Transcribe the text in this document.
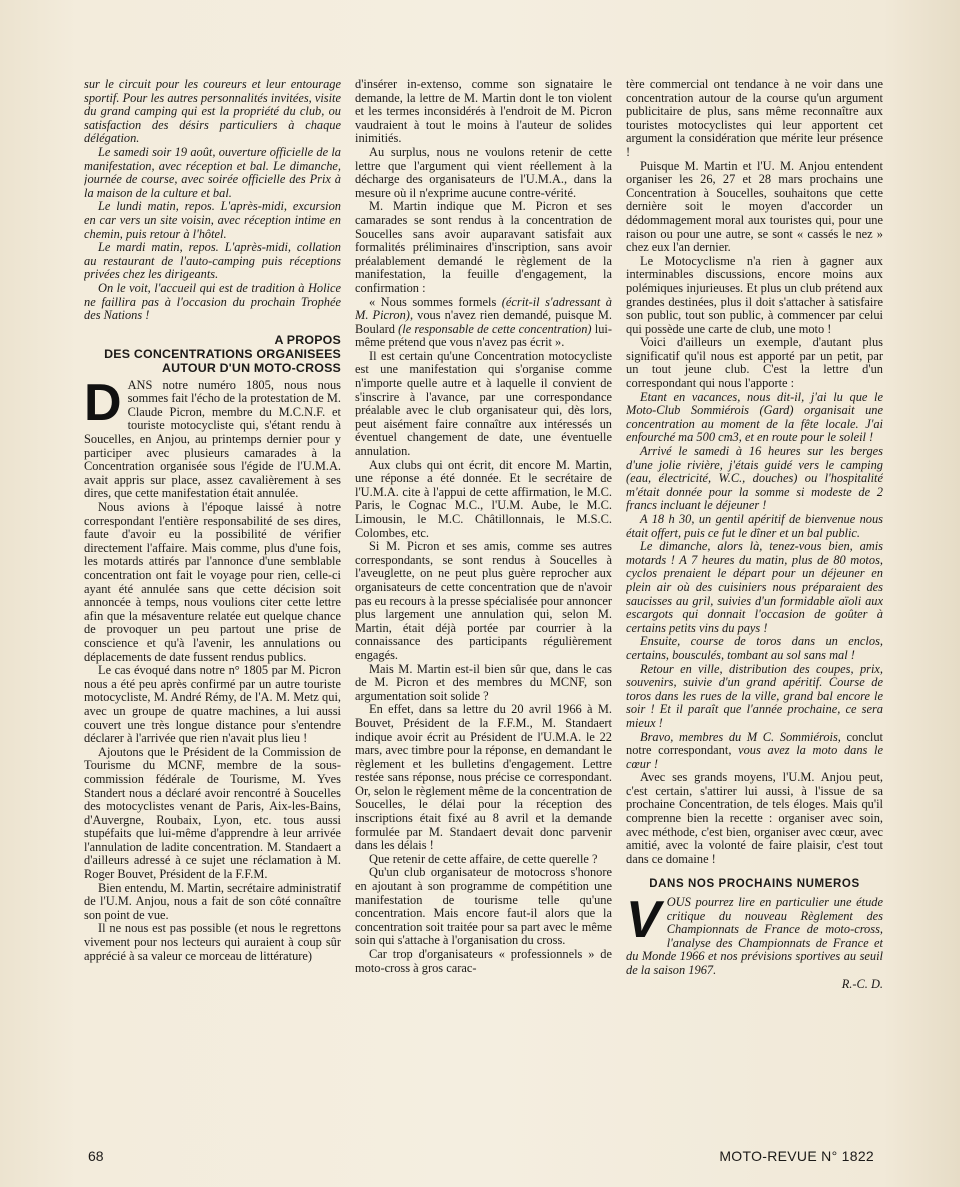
sur le circuit pour les coureurs et leur entourage sportif. Pour les autres personnalités invitées, visite du grand camping qui est la propriété du club, ou satisfaction des désirs particuliers à chaque délégation.

Le samedi soir 19 août, ouverture officielle de la manifestation, avec réception et bal. Le dimanche, journée de course, avec soirée officielle des Prix à la maison de la culture et bal.

Le lundi matin, repos. L'après-midi, excursion en car vers un site voisin, avec réception intime en chemin, puis retour à l'hôtel.

Le mardi matin, repos. L'après-midi, collation au restaurant de l'auto-camping puis réceptions privées chez les dirigeants.

On le voit, l'accueil qui est de tradition à Holice ne faillira pas à l'occasion du prochain Trophée des Nations !

A PROPOS
DES CONCENTRATIONS ORGANISEES
AUTOUR D'UN MOTO-CROSS

DANS notre numéro 1805, nous nous sommes fait l'écho de la protestation de M. Claude Picron, membre du M.C.N.F. et touriste motocycliste qui, s'étant rendu à Soucelles, en Anjou, au printemps dernier pour y participer avec plusieurs camarades à la Concentration organisée sous l'égide de l'U.M.A. avait appris sur place, assez cavalièrement à ses dires, que cette manifestation était annulée.

Nous avions à l'époque laissé à notre correspondant l'entière responsabilité de ses dires, faute d'avoir eu la possibilité de vérifier directement l'affaire. Mais comme, plus d'une fois, les motards attirés par l'annonce d'une semblable concentration ont fait le voyage pour rien, celle-ci ayant été annulée sans que cette décision soit annoncée à temps, nous voulions citer cette lettre afin que la mésaventure relatée eut quelque chance de provoquer un peu partout une prise de conscience et qu'à l'avenir, les annulations ou déplacements de date fussent rendus publics.

Le cas évoqué dans notre n° 1805 par M. Picron nous a été peu après confirmé par un autre touriste motocycliste, M. André Rémy, de l'A. M. Metz qui, avec un groupe de quatre machines, a lui aussi couvert une très longue distance pour s'entendre déclarer à l'arrivée que rien n'avait plus lieu !

Ajoutons que le Président de la Commission de Tourisme du MCNF, membre de la sous-commission fédérale de Tourisme, M. Yves Standert nous a déclaré avoir rencontré à Soucelles des motocyclistes venant de Paris, Aix-les-Bains, d'Auvergne, Roubaix, Lyon, etc. tous aussi stupéfaits que lui-même d'apprendre à leur arrivée l'annulation de ladite concentration. M. Standaert a d'ailleurs adressé à ce sujet une réclamation à M. Roger Bouvet, Président de la F.F.M.

Bien entendu, M. Martin, secrétaire administratif de l'U.M. Anjou, nous a fait de son côté connaître son point de vue.

Il ne nous est pas possible (et nous le regrettons vivement pour nos lecteurs qui auraient à coup sûr apprécié à sa valeur ce morceau de littérature)

d'insérer in-extenso, comme son signataire le demande, la lettre de M. Martin dont le ton violent et les termes inconsidérés à l'endroit de M. Picron vaudraient à tout le moins à l'auteur de solides inimitiés.

Au surplus, nous ne voulons retenir de cette lettre que l'argument qui vient réellement à la décharge des organisateurs de l'U.M.A., dans la mesure où il n'exprime aucune contre-vérité.

M. Martin indique que M. Picron et ses camarades se sont rendus à la concentration de Soucelles sans avoir auparavant satisfait aux formalités préliminaires d'inscription, sans avoir préalablement demandé le règlement de la manifestation, la feuille d'engagement, la confirmation :

« Nous sommes formels (écrit-il s'adressant à M. Picron), vous n'avez rien demandé, puisque M. Boulard (le responsable de cette concentration) lui-même prétend que vous n'avez pas écrit ».

Il est certain qu'une Concentration motocycliste est une manifestation qui s'organise comme n'importe quelle autre et à laquelle il convient de s'inscrire à l'avance, par une correspondance préalable avec le club organisateur qui, dès lors, peut aisément faire connaître aux intéressés un éventuel changement de date, une éventuelle annulation.

Aux clubs qui ont écrit, dit encore M. Martin, une réponse a été donnée. Et le secrétaire de l'U.M.A. cite à l'appui de cette affirmation, le M.C. Paris, le Cognac M.C., l'U.M. Aube, le M.C. Limousin, le M.C. Châtillonnais, le M.S.C. Colombes, etc.

Si M. Picron et ses amis, comme ses autres correspondants, se sont rendus à Soucelles à l'aveuglette, on ne peut plus guère reprocher aux organisateurs de cette concentration que de n'avoir pas eu recours à la presse spécialisée pour annoncer plus largement une annulation qui, selon M. Martin, était déjà portée par courrier à la connaissance des participants régulièrement engagés.

Mais M. Martin est-il bien sûr que, dans le cas de M. Picron et des membres du MCNF, son argumentation soit solide ?

En effet, dans sa lettre du 20 avril 1966 à M. Bouvet, Président de la F.F.M., M. Standaert indique avoir écrit au Président de l'U.M.A. le 22 mars, avec timbre pour la réponse, en demandant le règlement et les bulletins d'engagement. Lettre restée sans réponse, nous précise ce correspondant. Or, selon le règlement même de la concentration de Soucelles, le délai pour la réception des inscriptions était fixé au 8 avril et la demande formulée par M. Standaert devait donc parvenir dans les délais !

Que retenir de cette affaire, de cette querelle ?

Qu'un club organisateur de motocross s'honore en ajoutant à son programme de compétition une manifestation de tourisme telle qu'une concentration. Mais encore faut-il alors que la concentration soit traitée pour sa part avec le même soin qui s'attache à l'organisation du cross.

Car trop d'organisateurs « professionnels » de moto-cross à gros carac-

tère commercial ont tendance à ne voir dans une concentration autour de la course qu'un argument publicitaire de plus, sans même reconnaître aux touristes motocyclistes qui leur apportent cet argument la considération que mérite leur présence !

Puisque M. Martin et l'U. M. Anjou entendent organiser les 26, 27 et 28 mars prochains une Concentration à Soucelles, souhaitons que cette dernière soit le moyen d'accorder un dédommagement moral aux touristes qui, pour une raison ou pour une autre, se sont « cassés le nez » chez eux l'an dernier.

Le Motocyclisme n'a rien à gagner aux interminables discussions, encore moins aux polémiques injurieuses. Et plus un club prétend aux grandes destinées, plus il doit s'attacher à satisfaire son public, tout son public, à commencer par celui qui possède une carte de club, une moto !

Voici d'ailleurs un exemple, d'autant plus significatif qu'il nous est apporté par un petit, par un tout jeune club. C'est la lettre d'un correspondant qui nous l'apporte :

Etant en vacances, nous dit-il, j'ai lu que le Moto-Club Sommiérois (Gard) organisait une concentration au moment de la fête locale. J'ai enfourché ma 500 cm3, et en route pour le soleil !

Arrivé le samedi à 16 heures sur les berges d'une jolie rivière, j'étais guidé vers le camping (eau, électricité, W.C., douches) ou l'hospitalité m'était donnée pour la somme si modeste de 2 francs incluant le déjeuner !

A 18 h 30, un gentil apéritif de bienvenue nous était offert, puis ce fut le dîner et un bal public.

Le dimanche, alors là, tenez-vous bien, amis motards ! A 7 heures du matin, plus de 80 motos, cyclos prenaient le départ pour un déjeuner en plein air où des cuisiniers nous préparaient des saucisses au gril, suivies d'un formidable aïoli aux escargots qui donnait l'occasion de goûter à certains petits vins du pays !

Ensuite, course de toros dans un enclos, certains, bousculés, tombant au sol sans mal !

Retour en ville, distribution des coupes, prix, souvenirs, suivie d'un grand apéritif. Course de toros dans les rues de la ville, grand bal encore le soir ! Et il paraît que l'année prochaine, ce sera mieux !

Bravo, membres du M C. Sommiérois, conclut notre correspondant, vous avez la moto dans le cœur !

Avec ses grands moyens, l'U.M. Anjou peut, c'est certain, s'attirer lui aussi, à l'issue de sa prochaine Concentration, de tels éloges. Mais qu'il comprenne bien la recette : organiser avec soin, avec méthode, c'est bien, organiser avec cœur, avec amitié, avec la volonté de faire plaisir, c'est tout dans ce domaine !

DANS NOS PROCHAINS NUMEROS

VOUS pourrez lire en particulier une étude critique du nouveau Règlement des Championnats de France de moto-cross, l'analyse des Championnats de France et du Monde 1966 et nos prévisions sportives au seuil de la saison 1967.

R.-C. D.

68	MOTO-REVUE N° 1822
